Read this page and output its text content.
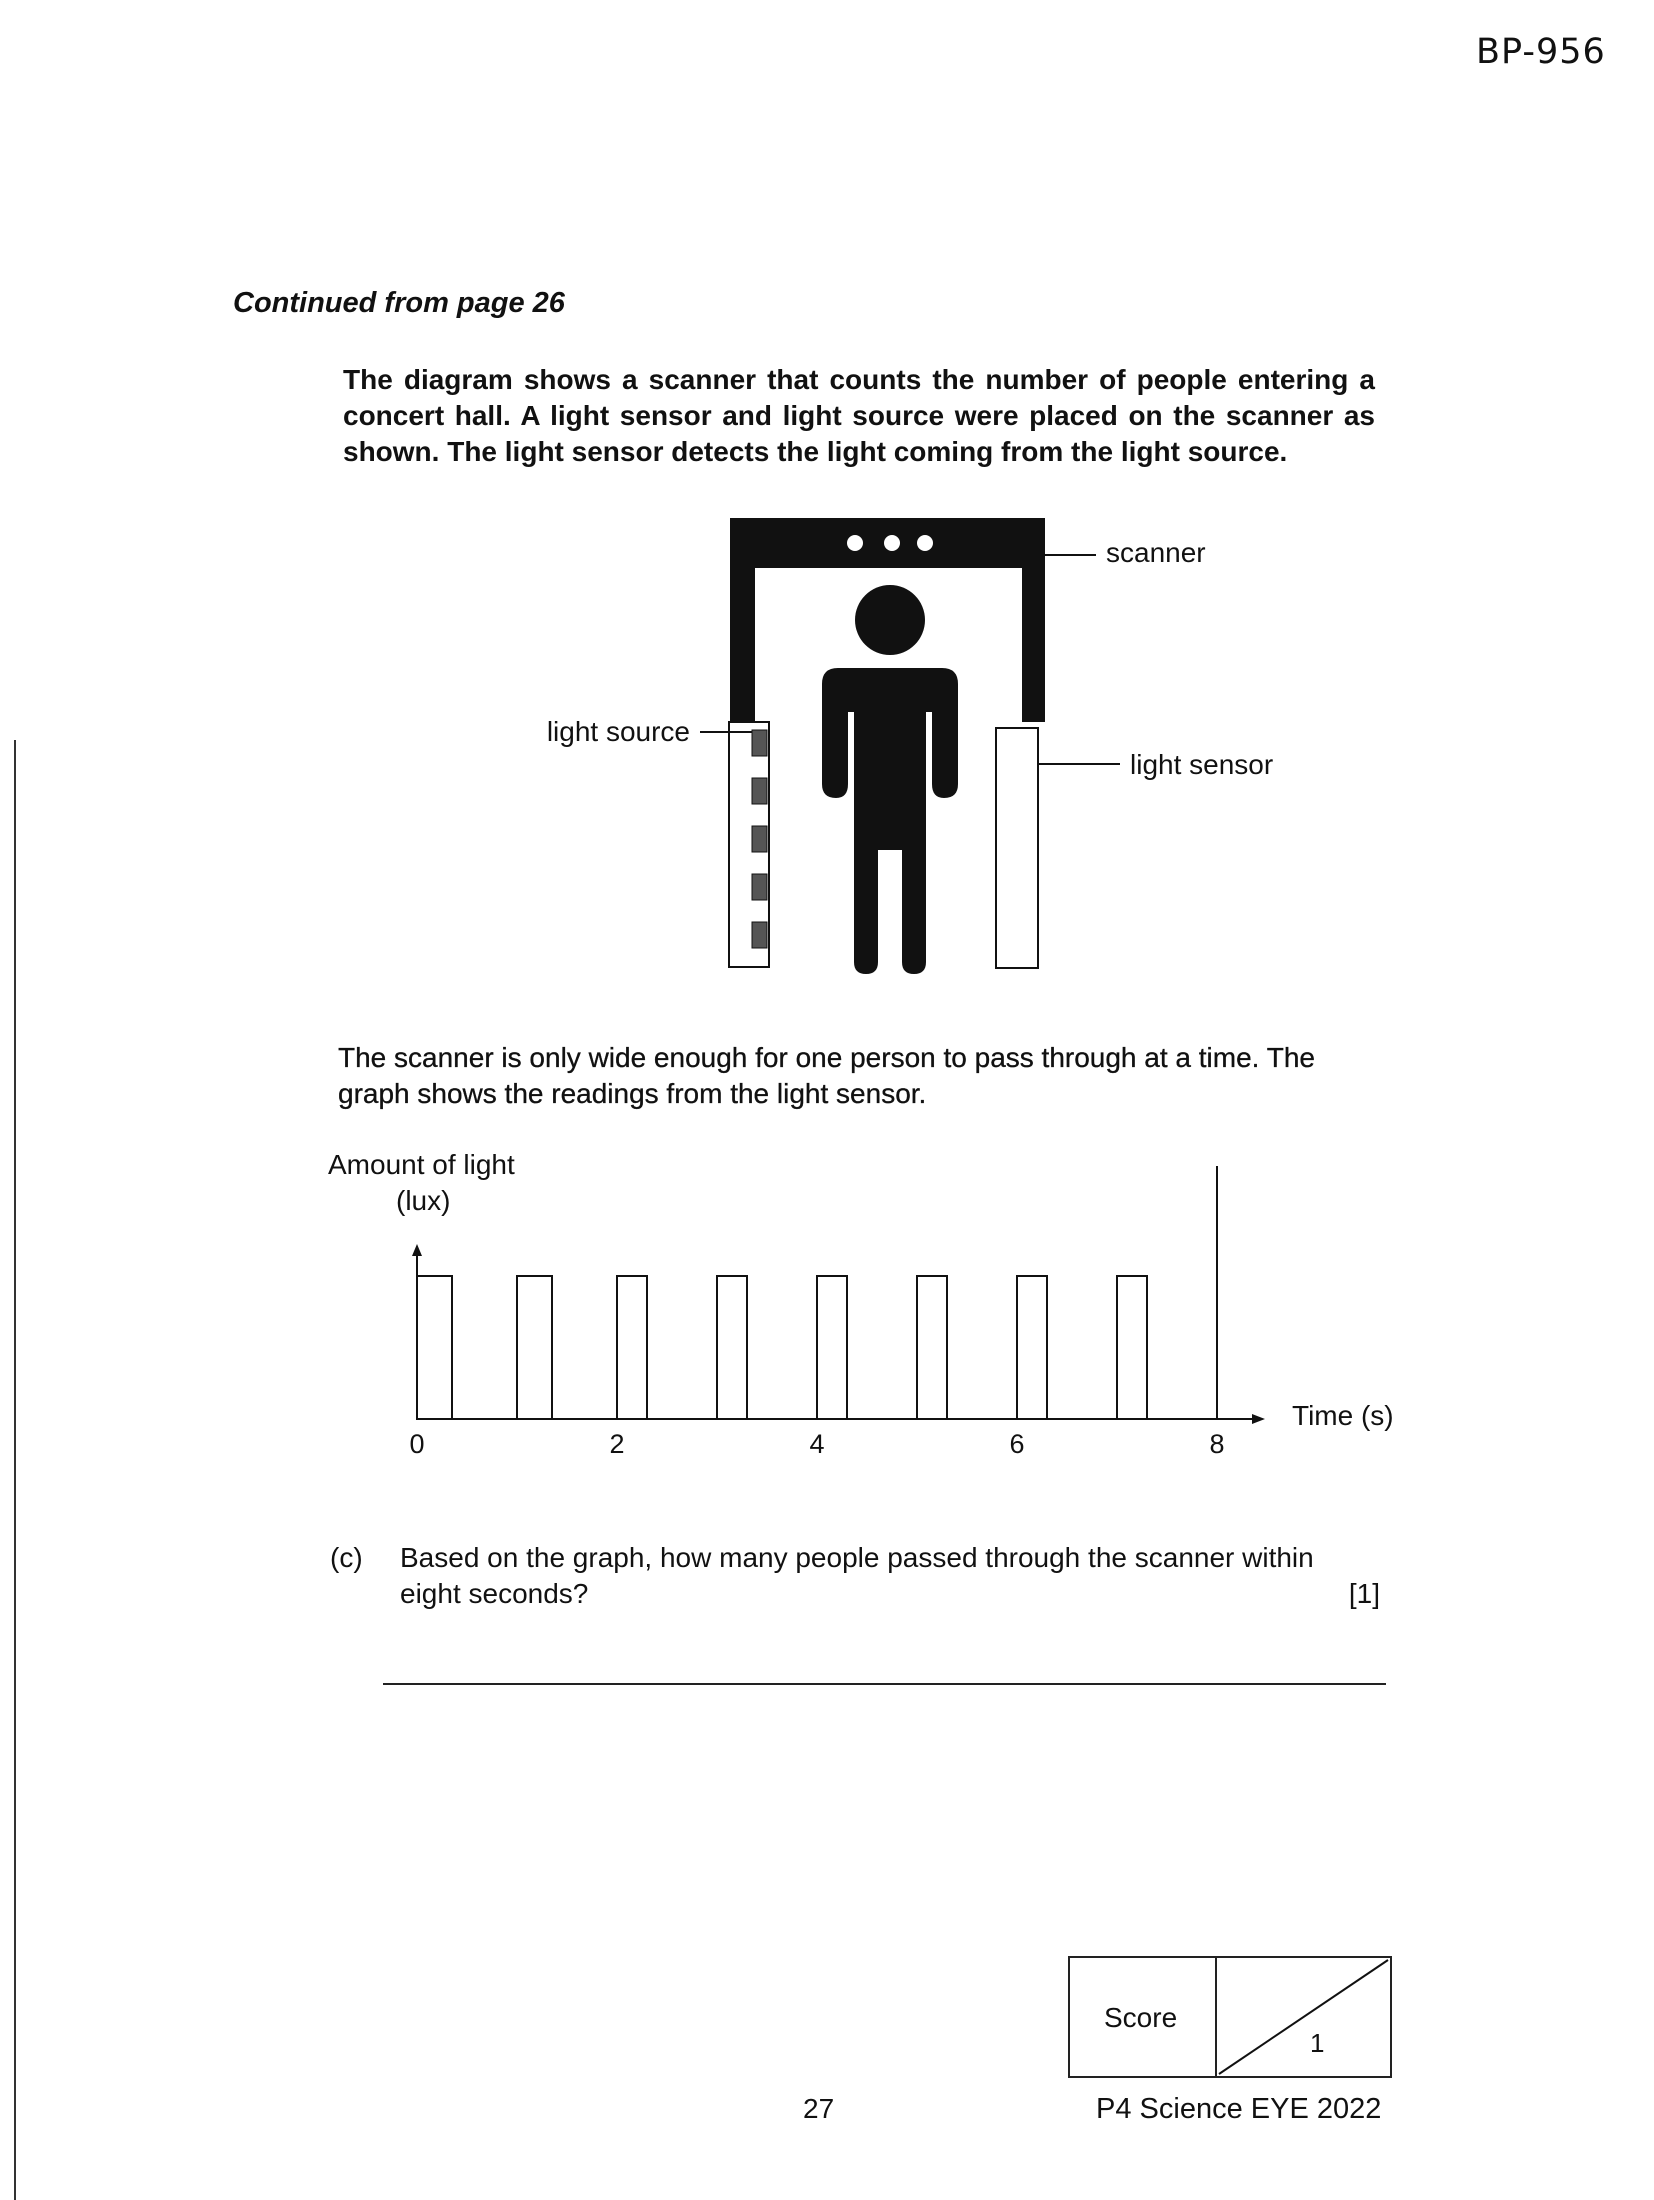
BP-956
Continued from page 26
The diagram shows a scanner that counts the number of people entering a concert hall. A light sensor and light source were placed on the scanner as shown. The light sensor detects the light coming from the light source.
scanner
light source
light sensor
The scanner is only wide enough for one person to pass through at a time. The graph shows the readings from the light sensor.
Amount of light
(lux)
Time (s)
0	2	4	6	8
(c) Based on the graph, how many people passed through the scanner within eight seconds?	[1]
Score
1
27	P4 Science EYE 2022
